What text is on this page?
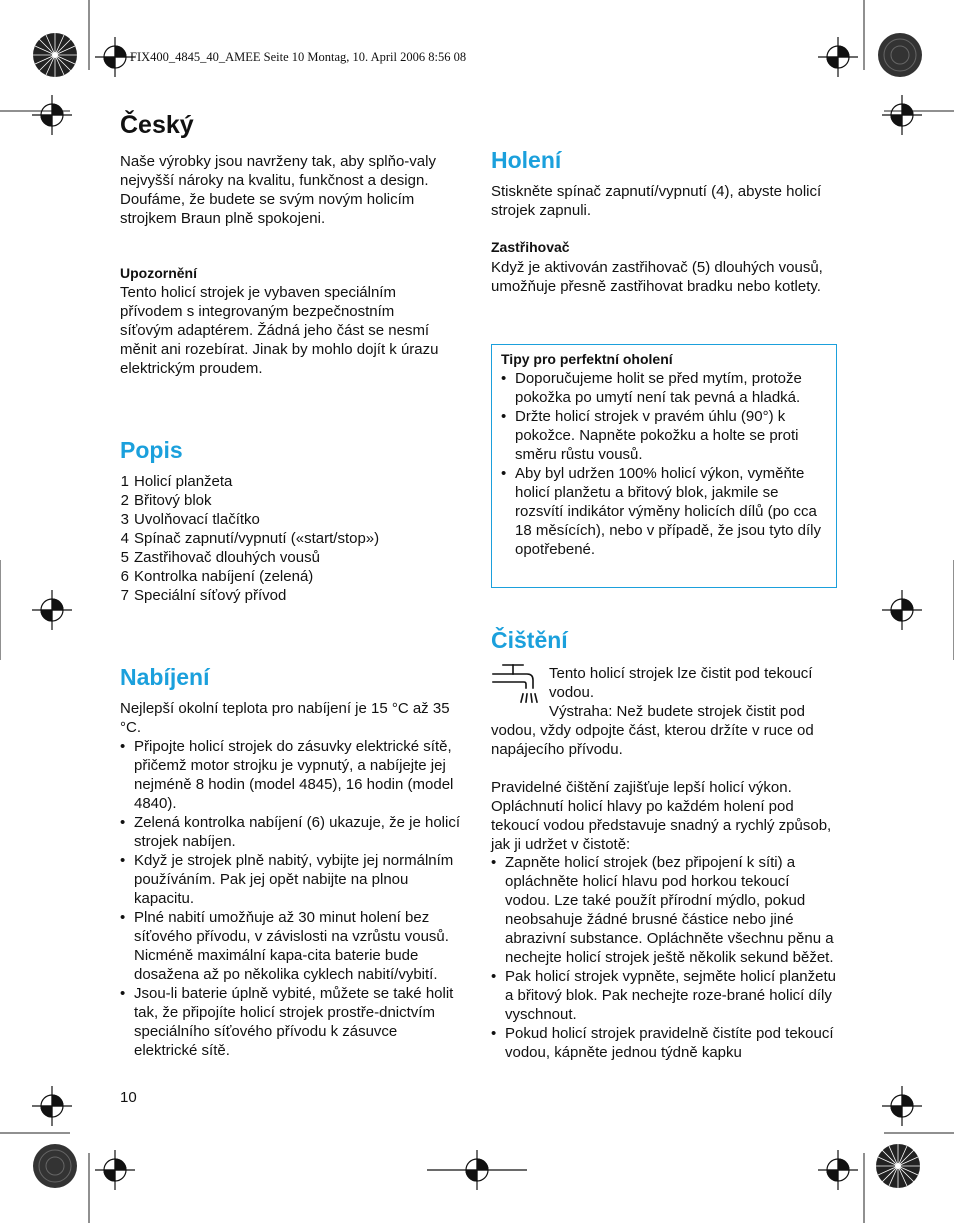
FIX400_4845_40_AMEE Seite 10 Montag, 10. April 2006 8:56 08
Český
Naše výrobky jsou navrženy tak, aby splňo-valy nejvyšší nároky na kvalitu, funkčnost a design. Doufáme, že budete se svým novým holicím strojkem Braun plně spokojeni.
Upozornění
Tento holicí strojek je vybaven speciálním přívodem s integrovaným bezpečnostním síťovým adaptérem. Žádná jeho část se nesmí měnit ani rozebírat. Jinak by mohlo dojít k úrazu elektrickým proudem.
Popis
1 Holicí planžeta
2 Břitový blok
3 Uvolňovací tlačítko
4 Spínač zapnutí/vypnutí («start/stop»)
5 Zastřihovač dlouhých vousů
6 Kontrolka nabíjení (zelená)
7 Speciální síťový přívod
Nabíjení
Nejlepší okolní teplota pro nabíjení je 15 °C až 35 °C.
• Připojte holicí strojek do zásuvky elektrické sítě, přičemž motor strojku je vypnutý, a nabíjejte jej nejméně 8 hodin (model 4845), 16 hodin (model 4840).
• Zelená kontrolka nabíjení (6) ukazuje, že je holicí strojek nabíjen.
• Když je strojek plně nabitý, vybijte jej normálním používáním. Pak jej opět nabijte na plnou kapacitu.
• Plné nabití umožňuje až 30 minut holení bez síťového přívodu, v závislosti na vzrůstu vousů. Nicméně maximální kapa-cita baterie bude dosažena až po několika cyklech nabití/vybití.
• Jsou-li baterie úplně vybité, můžete se také holit tak, že připojíte holicí strojek prostře-dnictvím speciálního síťového přívodu k zásuvce elektrické sítě.
10
Holení
Stiskněte spínač zapnutí/vypnutí (4), abyste holicí strojek zapnuli.
Zastřihovač
Když je aktivován zastřihovač (5) dlouhých vousů, umožňuje přesně zastřihovat bradku nebo kotlety.
Tipy pro perfektní oholení
• Doporučujeme holit se před mytím, protože pokožka po umytí není tak pevná a hladká.
• Držte holicí strojek v pravém úhlu (90°) k pokožce. Napněte pokožku a holte se proti směru růstu vousů.
• Aby byl udržen 100% holicí výkon, vyměňte holicí planžetu a břitový blok, jakmile se rozsvítí indikátor výměny holicích dílů (po cca 18 měsících), nebo v případě, že jsou tyto díly opotřebené.
Čištění

Tento holicí strojek lze čistit pod tekoucí vodou.

Výstraha: Než budete strojek čistit pod vodou, vždy odpojte část, kterou držíte v ruce od napájecího přívodu.
Pravidelné čištění zajišťuje lepší holicí výkon. Opláchnutí holicí hlavy po každém holení pod tekoucí vodou představuje snadný a rychlý způsob, jak ji udržet v čistotě:
• Zapněte holicí strojek (bez připojení k síti) a opláchněte holicí hlavu pod horkou tekoucí vodou. Lze také použít přírodní mýdlo, pokud neobsahuje žádné brusné částice nebo jiné abrazivní substance. Opláchněte všechnu pěnu a nechejte holicí strojek ještě několik sekund běžet.
• Pak holicí strojek vypněte, sejměte holicí planžetu a břitový blok. Pak nechejte roze-brané holicí díly vyschnout.
• Pokud holicí strojek pravidelně čistíte pod tekoucí vodou, kápněte jednou týdně kapku
